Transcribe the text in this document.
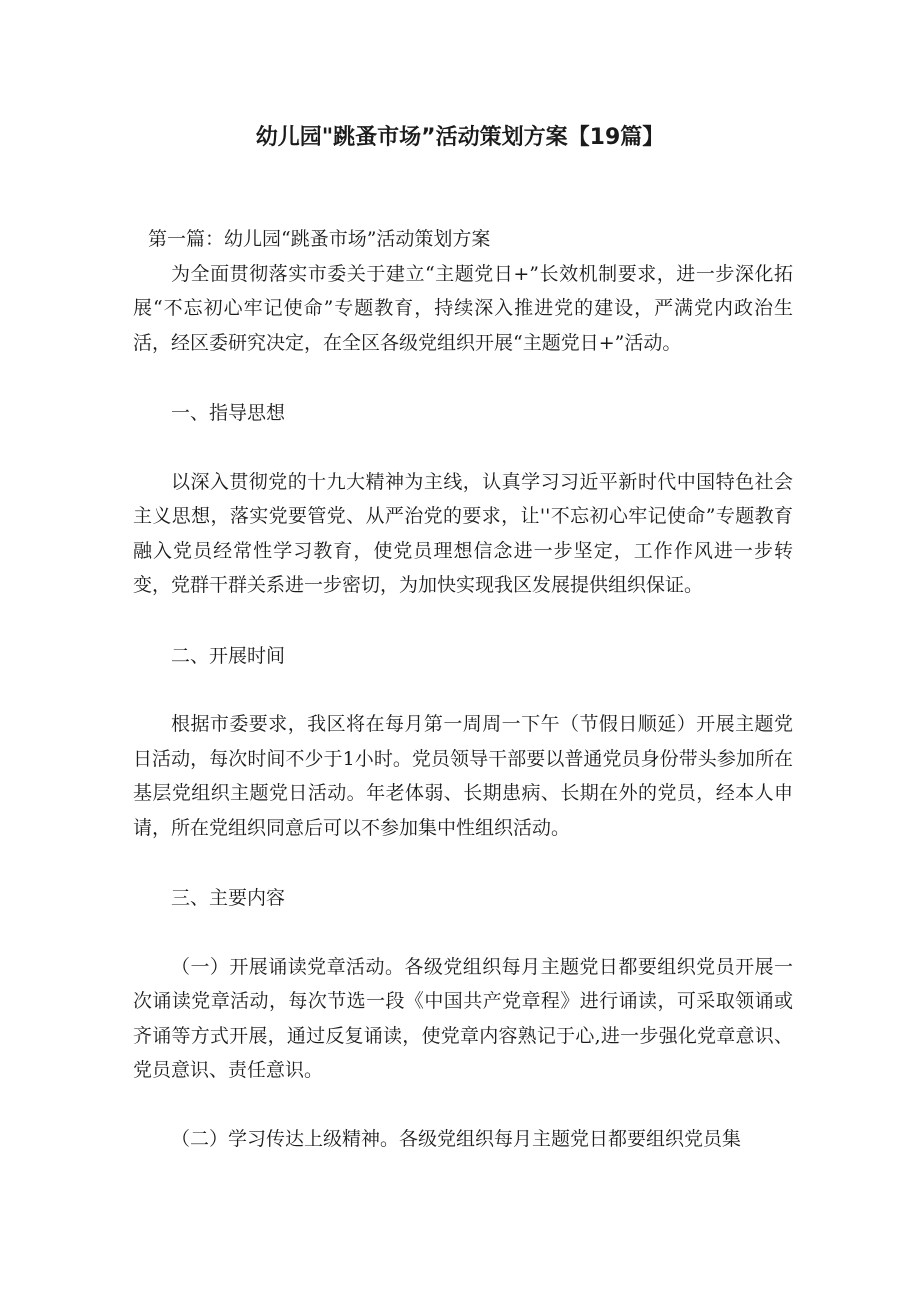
幼儿园"跳蚤市场”活动策划方案【19篇】

第一篇：幼儿园“跳蚤市场”活动策划方案

为全面贯彻落实市委关于建立“主题党日+”长效机制要求，进一步深化拓展“不忘初心牢记使命”专题教育，持续深入推进党的建设，严满党内政治生活，经区委研究决定，在全区各级党组织开展“主题党日+”活动。

一、指导思想

以深入贯彻党的十九大精神为主线，认真学习习近平新时代中国特色社会主义思想，落实党要管党、从严治党的要求，让''不忘初心牢记使命”专题教育融入党员经常性学习教育，使党员理想信念进一步坚定，工作作风进一步转变，党群干群关系进一步密切，为加快实现我区发展提供组织保证。

二、开展时间

根据市委要求，我区将在每月第一周周一下午（节假日顺延）开展主题党日活动，每次时间不少于1小时。党员领导干部要以普通党员身份带头参加所在基层党组织主题党日活动。年老体弱、长期患病、长期在外的党员，经本人申请，所在党组织同意后可以不参加集中性组织活动。

三、主要内容

（一）开展诵读党章活动。各级党组织每月主题党日都要组织党员开展一次诵读党章活动，每次节选一段《中国共产党章程》进行诵读，可采取领诵或齐诵等方式开展，通过反复诵读，使党章内容熟记于心,进一步强化党章意识、党员意识、责任意识。

（二）学习传达上级精神。各级党组织每月主题党日都要组织党员集
